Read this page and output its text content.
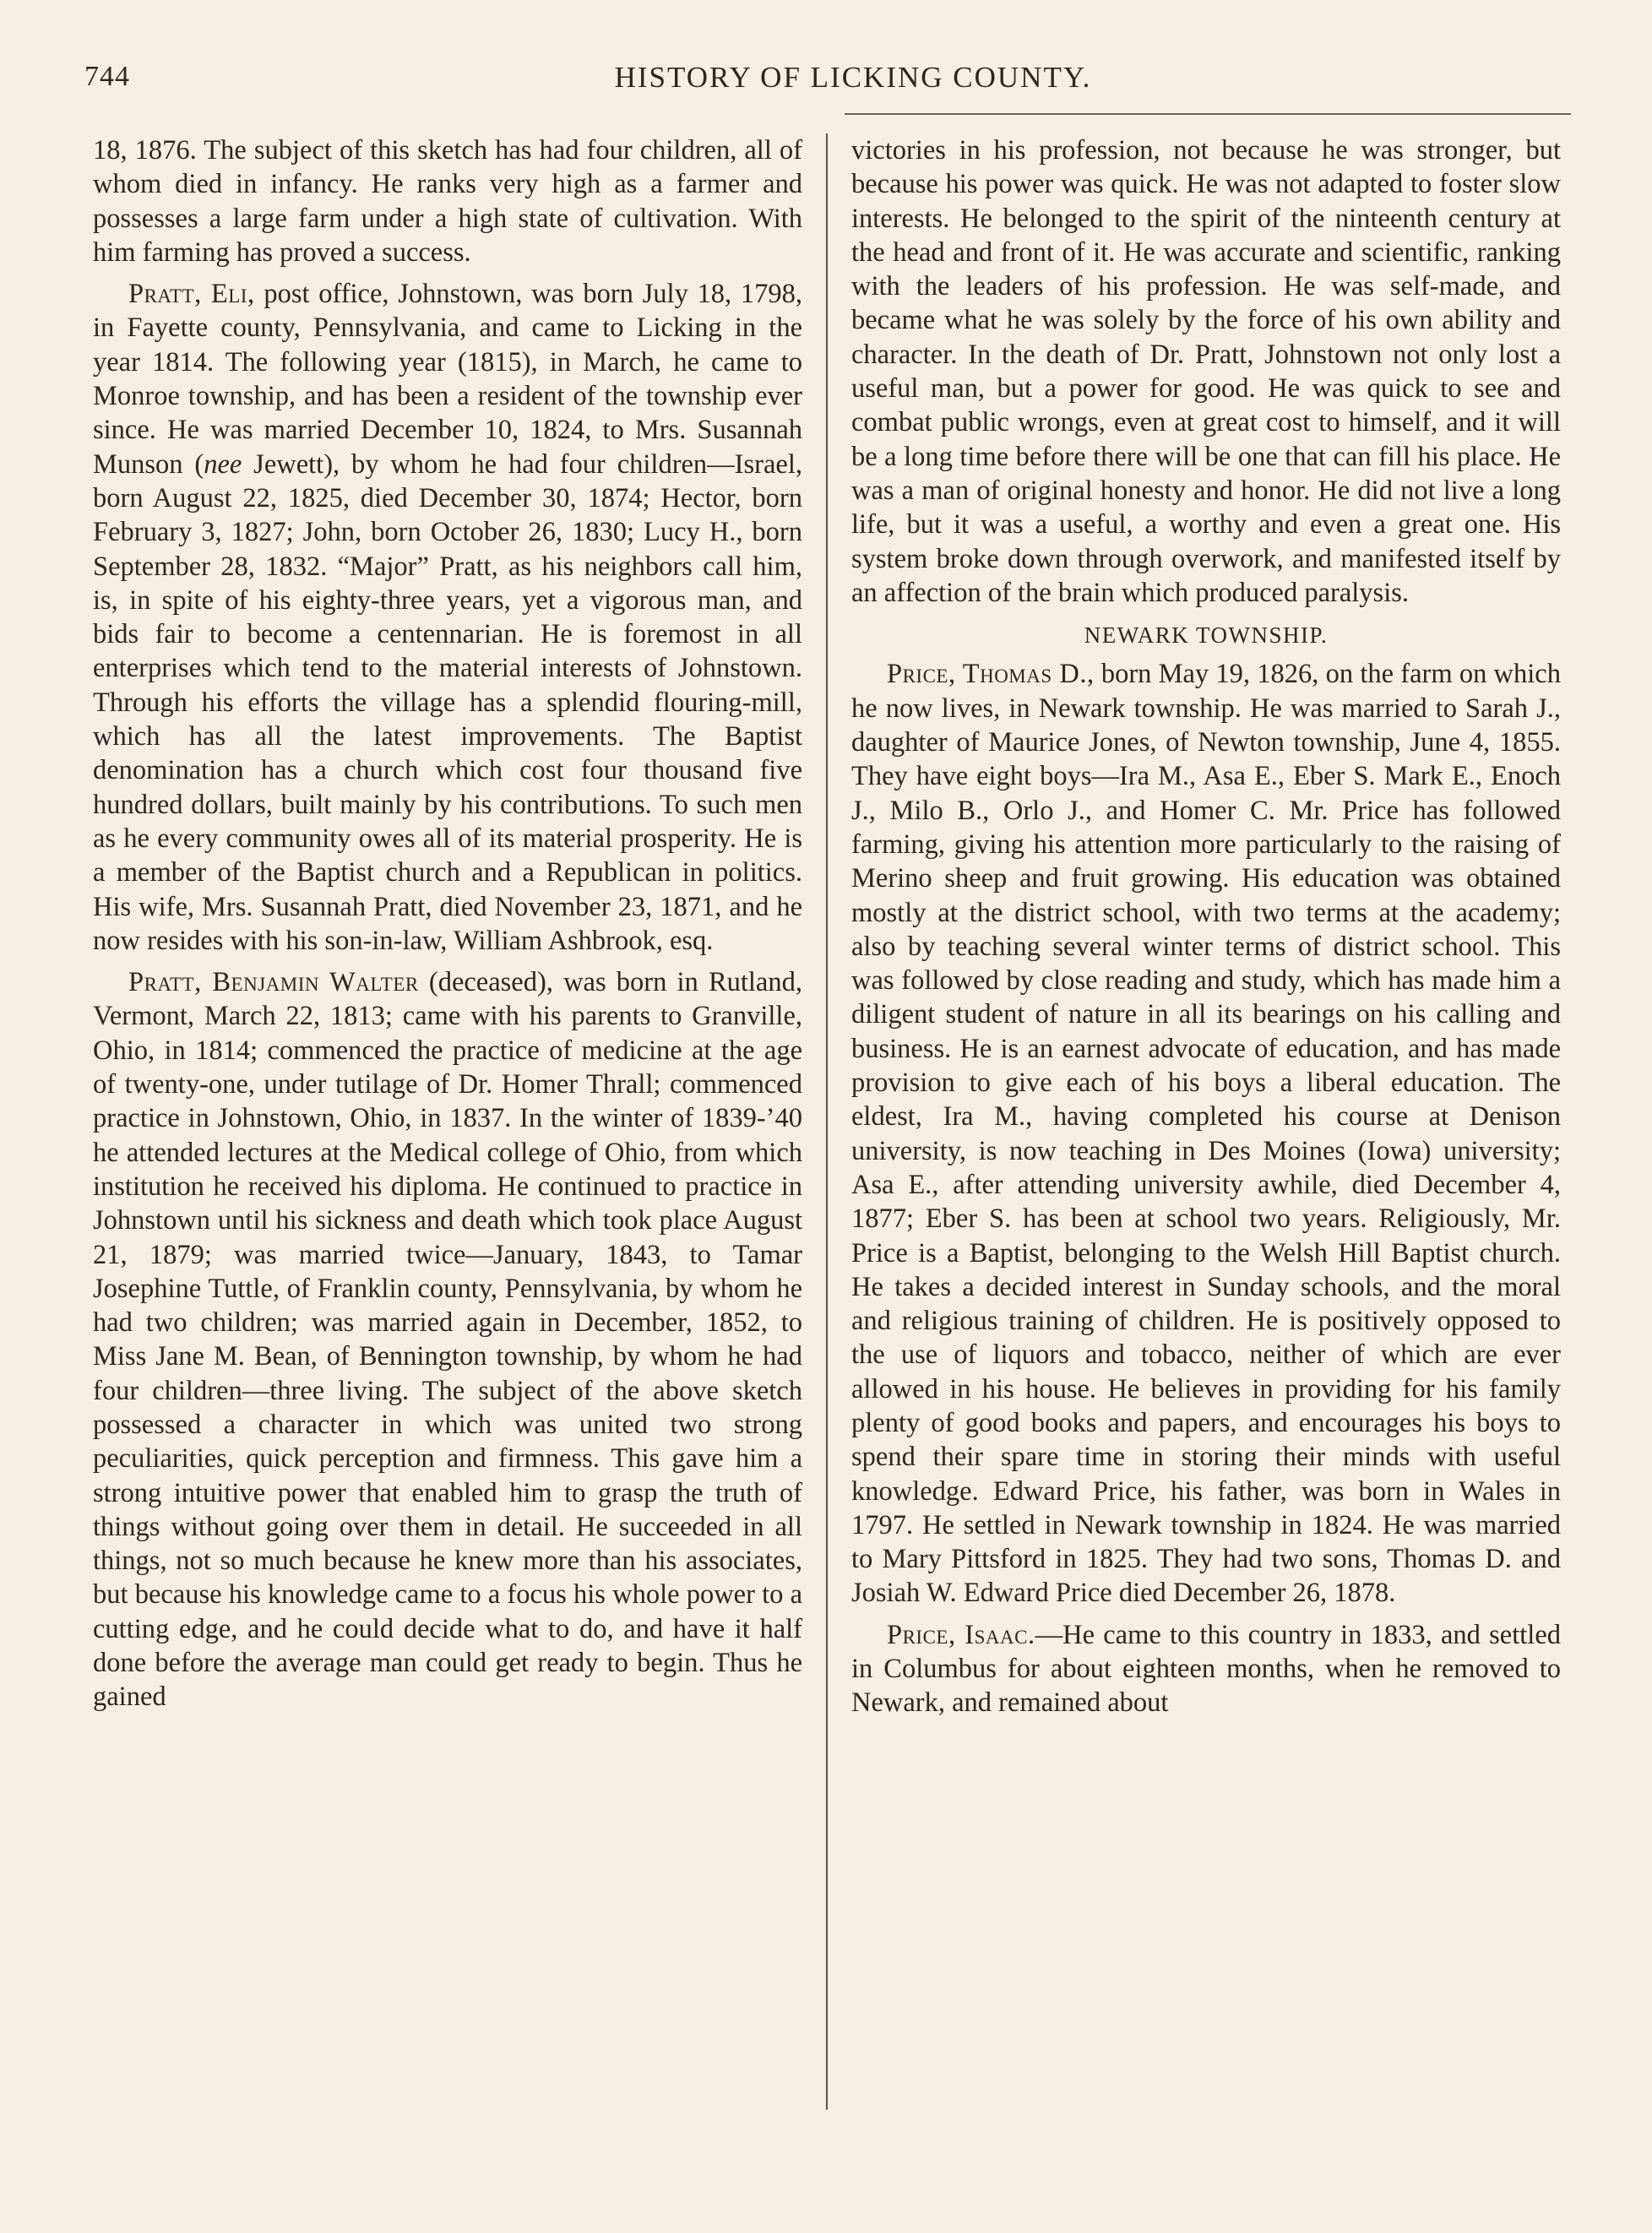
744	HISTORY OF LICKING COUNTY.

18, 1876. The subject of this sketch has had four children, all of whom died in infancy. He ranks very high as a farmer and possesses a large farm under a high state of cultivation. With him farming has proved a success.

Pratt, Eli, post office, Johnstown, was born July 18, 1798, in Fayette county, Pennsylvania, and came to Licking in the year 1814. The following year (1815), in March, he came to Monroe township, and has been a resident of the township ever since. He was married December 10, 1824, to Mrs. Susannah Munson (nee Jewett), by whom he had four children—Israel, born August 22, 1825, died December 30, 1874; Hector, born February 3, 1827; John, born October 26, 1830; Lucy H., born September 28, 1832. “Major” Pratt, as his neighbors call him, is, in spite of his eighty-three years, yet a vigorous man, and bids fair to become a centennarian. He is foremost in all enterprises which tend to the material interests of Johnstown. Through his efforts the village has a splendid flouring-mill, which has all the latest improvements. The Baptist denomination has a church which cost four thousand five hundred dollars, built mainly by his contributions. To such men as he every community owes all of its material prosperity. He is a member of the Baptist church and a Republican in politics. His wife, Mrs. Susannah Pratt, died November 23, 1871, and he now resides with his son-in-law, William Ashbrook, esq.

Pratt, Benjamin Walter (deceased), was born in Rutland, Vermont, March 22, 1813; came with his parents to Granville, Ohio, in 1814; commenced the practice of medicine at the age of twenty-one, under tutilage of Dr. Homer Thrall; commenced practice in Johnstown, Ohio, in 1837. In the winter of 1839-’40 he attended lectures at the Medical college of Ohio, from which institution he received his diploma. He continued to practice in Johnstown until his sickness and death which took place August 21, 1879; was married twice—January, 1843, to Tamar Josephine Tuttle, of Franklin county, Pennsylvania, by whom he had two children; was married again in December, 1852, to Miss Jane M. Bean, of Bennington township, by whom he had four children—three living. The subject of the above sketch possessed a character in which was united two strong peculiarities, quick perception and firmness. This gave him a strong intuitive power that enabled him to grasp the truth of things without going over them in detail. He succeeded in all things, not so much because he knew more than his associates, but because his knowledge came to a focus his whole power to a cutting edge, and he could decide what to do, and have it half done before the average man could get ready to begin. Thus he gained

victories in his profession, not because he was stronger, but because his power was quick. He was not adapted to foster slow interests. He belonged to the spirit of the ninteenth century at the head and front of it. He was accurate and scientific, ranking with the leaders of his profession. He was self-made, and became what he was solely by the force of his own ability and character. In the death of Dr. Pratt, Johnstown not only lost a useful man, but a power for good. He was quick to see and combat public wrongs, even at great cost to himself, and it will be a long time before there will be one that can fill his place. He was a man of original honesty and honor. He did not live a long life, but it was a useful, a worthy and even a great one. His system broke down through overwork, and manifested itself by an affection of the brain which produced paralysis.

NEWARK TOWNSHIP.

Price, Thomas D., born May 19, 1826, on the farm on which he now lives, in Newark township. He was married to Sarah J., daughter of Maurice Jones, of Newton township, June 4, 1855. They have eight boys—Ira M., Asa E., Eber S. Mark E., Enoch J., Milo B., Orlo J., and Homer C. Mr. Price has followed farming, giving his attention more particularly to the raising of Merino sheep and fruit growing. His education was obtained mostly at the district school, with two terms at the academy; also by teaching several winter terms of district school. This was followed by close reading and study, which has made him a diligent student of nature in all its bearings on his calling and business. He is an earnest advocate of education, and has made provision to give each of his boys a liberal education. The eldest, Ira M., having completed his course at Denison university, is now teaching in Des Moines (Iowa) university; Asa E., after attending university awhile, died December 4, 1877; Eber S. has been at school two years. Religiously, Mr. Price is a Baptist, belonging to the Welsh Hill Baptist church. He takes a decided interest in Sunday schools, and the moral and religious training of children. He is positively opposed to the use of liquors and tobacco, neither of which are ever allowed in his house. He believes in providing for his family plenty of good books and papers, and encourages his boys to spend their spare time in storing their minds with useful knowledge. Edward Price, his father, was born in Wales in 1797. He settled in Newark township in 1824. He was married to Mary Pittsford in 1825. They had two sons, Thomas D. and Josiah W. Edward Price died December 26, 1878.

Price, Isaac.—He came to this country in 1833, and settled in Columbus for about eighteen months, when he removed to Newark, and remained about
